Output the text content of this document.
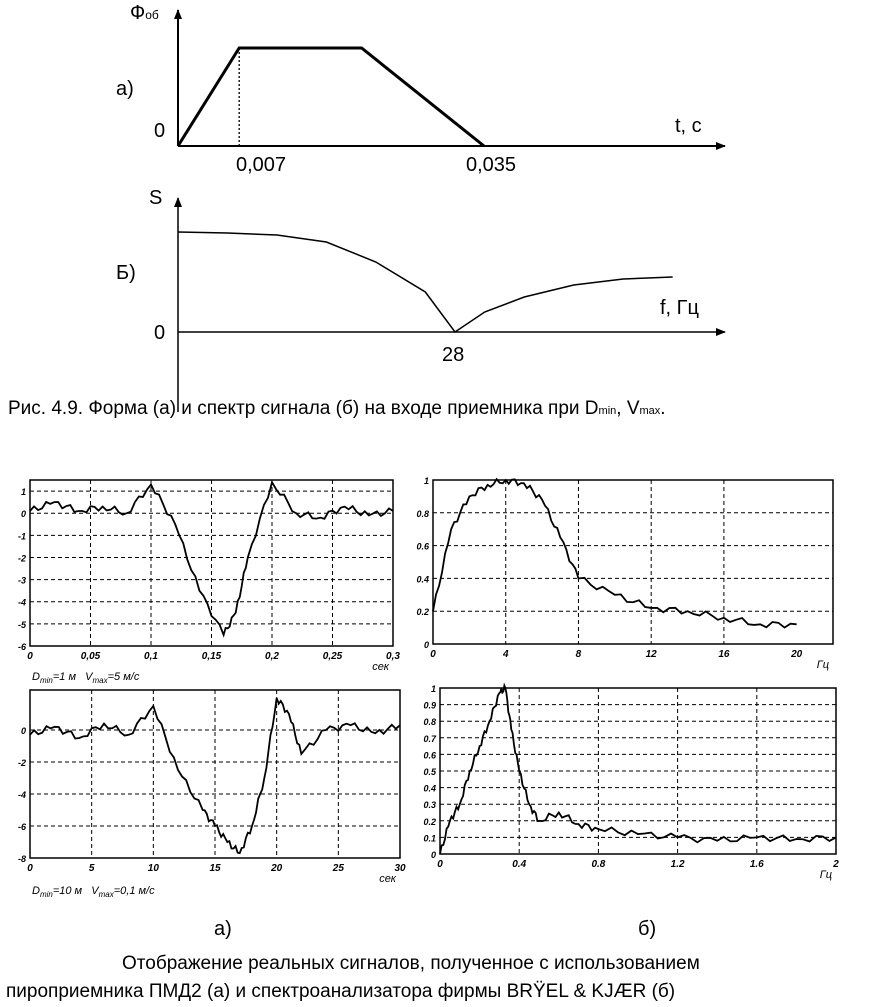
Фоб
а)
0	t, с
0,007	0,035
S
Б)
0
f, Гц
28
Рис. 4.9. Форма (а) и спектр сигнала (б) на входе приемника при Dmin, Vmax.
0	0,05	0,1	0,15	0,2	0,25	0,3
1
0
-1
-2
-3
-4
-5
-6
сек
0	4	8	12	16	20
1
0.8
0.6
0.4
0.2
0
Гц
0	5	10	15	20	25	30
0
-2
-4
-6
-8
сек
0	0.4	0.8	1.2	1.6	2
1
0.9
0.8
0.7
0.6
0.5
0.4
0.3
0.2
0.1
0
Гц
$D_{min}=1$ м   $V_{max}=5$ м/с
$D_{min}=10$ м   $V_{max}=0,1$ м/с
а)	б)
Отображение реальных сигналов, полученное с использованием
пироприемника ПМД2 (а) и спектроанализатора фирмы BRŸEL & KJÆR (б)
